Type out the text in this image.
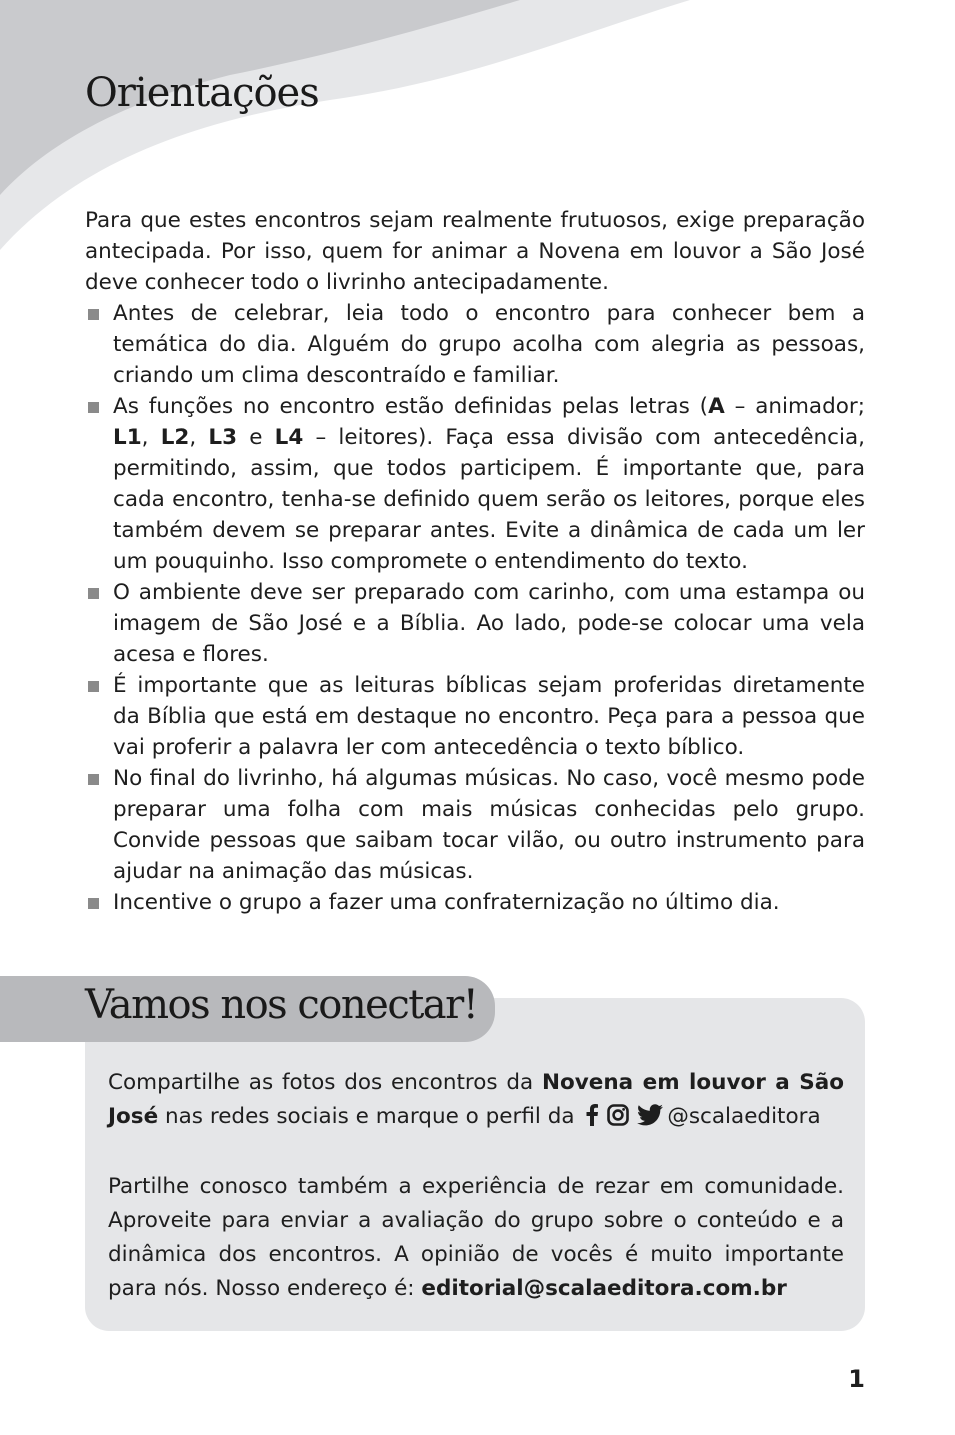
Orientações

Para que estes encontros sejam realmente frutuosos, exige preparação antecipada. Por isso, quem for animar a Novena em louvor a São José deve conhecer todo o livrinho antecipadamente.

Antes de celebrar, leia todo o encontro para conhecer bem a temática do dia. Alguém do grupo acolha com alegria as pessoas, criando um clima descontraído e familiar.
As funções no encontro estão definidas pelas letras (A – animador; L1, L2, L3 e L4 – leitores). Faça essa divisão com antecedência, permitindo, assim, que todos participem. É importante que, para cada encontro, tenha-se definido quem serão os leitores, porque eles também devem se preparar antes. Evite a dinâmica de cada um ler um pouquinho. Isso compromete o entendimento do texto.
O ambiente deve ser preparado com carinho, com uma estampa ou imagem de São José e a Bíblia. Ao lado, pode-se colocar uma vela acesa e flores.
É importante que as leituras bíblicas sejam proferidas diretamente da Bíblia que está em destaque no encontro. Peça para a pessoa que vai proferir a palavra ler com antecedência o texto bíblico.
No final do livrinho, há algumas músicas. No caso, você mesmo pode preparar uma folha com mais músicas conhecidas pelo grupo. Convide pessoas que saibam tocar vilão, ou outro instrumento para ajudar na animação das músicas.
Incentive o grupo a fazer uma confraternização no último dia.
Vamos nos conectar!

Compartilhe as fotos dos encontros da Novena em louvor a São José nas redes sociais e marque o perfil da	@scalaeditora

Partilhe conosco também a experiência de rezar em comunidade. Aproveite para enviar a avaliação do grupo sobre o conteúdo e a dinâmica dos encontros. A opinião de vocês é muito importante para nós. Nosso endereço é: editorial@scalaeditora.com.br

1
